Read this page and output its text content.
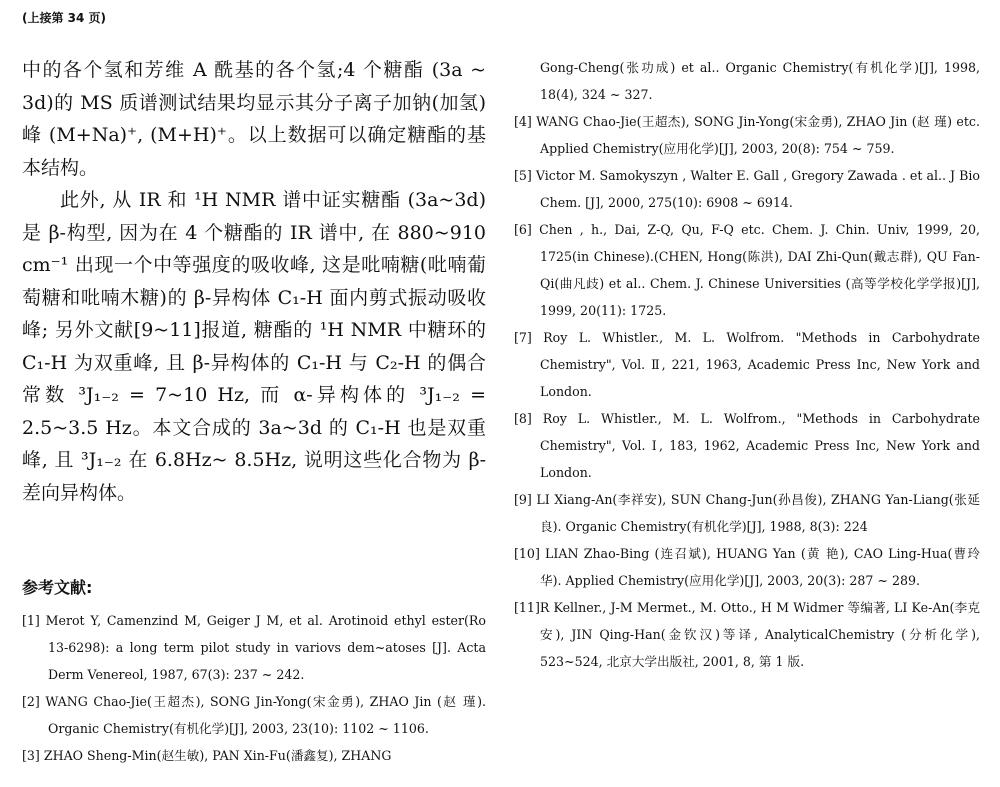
(上接第 34 页)

中的各个氢和芳维 A 酰基的各个氢;4 个糖酯 (3a ~ 3d)的 MS 质谱测试结果均显示其分子离子加钠(加氢)峰 (M+Na)⁺, (M+H)⁺。以上数据可以确定糖酯的基本结构。

此外, 从 IR 和 ¹H NMR 谱中证实糖酯 (3a~3d)是 β-构型, 因为在 4 个糖酯的 IR 谱中, 在 880~910 cm⁻¹ 出现一个中等强度的吸收峰, 这是吡喃糖(吡喃葡萄糖和吡喃木糖)的 β-异构体 C₁-H 面内剪式振动吸收峰; 另外文献[9~11]报道, 糖酯的 ¹H NMR 中糖环的 C₁-H 为双重峰, 且 β-异构体的 C₁-H 与 C₂-H 的偶合常数 ³J₁₋₂ = 7~10 Hz, 而 α-异构体的 ³J₁₋₂ = 2.5~3.5 Hz。本文合成的 3a~3d 的 C₁-H 也是双重峰, 且 ³J₁₋₂ 在 6.8Hz~ 8.5Hz, 说明这些化合物为 β-差向异构体。

参考文献:

[1] Merot Y, Camenzind M, Geiger J M, et al. Arotinoid ethyl ester(Ro 13-6298): a long term pilot study in variovs dem~atoses [J]. Acta Derm Venereol, 1987, 67(3): 237 ~ 242.

[2] WANG Chao-Jie(王超杰), SONG Jin-Yong(宋金勇), ZHAO Jin (赵 瑾). Organic Chemistry(有机化学)[J], 2003, 23(10): 1102 ~ 1106.

[3] ZHAO Sheng-Min(赵生敏), PAN Xin-Fu(潘鑫复), ZHANG

Gong-Cheng(张功成) et al.. Organic Chemistry(有机化学)[J], 1998, 18(4), 324 ~ 327.

[4] WANG Chao-Jie(王超杰), SONG Jin-Yong(宋金勇), ZHAO Jin (赵 瑾) etc. Applied Chemistry(应用化学)[J], 2003, 20(8): 754 ~ 759.

[5] Victor M. Samokyszyn , Walter E. Gall , Gregory Zawada . et al.. J Bio Chem. [J], 2000, 275(10): 6908 ~ 6914.

[6] Chen , h., Dai, Z-Q, Qu, F-Q etc. Chem. J. Chin. Univ, 1999, 20, 1725(in Chinese).(CHEN, Hong(陈洪), DAI Zhi-Qun(戴志群), QU Fan-Qi(曲凡歧) et al.. Chem. J. Chinese Universities (高等学校化学学报)[J], 1999, 20(11): 1725.

[7] Roy L. Whistler., M. L. Wolfrom. "Methods in Carbohydrate Chemistry", Vol. Ⅱ, 221, 1963, Academic Press Inc, New York and London.

[8] Roy L. Whistler., M. L. Wolfrom., "Methods in Carbohydrate Chemistry", Vol. Ⅰ, 183, 1962, Academic Press Inc, New York and London.

[9] LI Xiang-An(李祥安), SUN Chang-Jun(孙昌俊), ZHANG Yan-Liang(张延良). Organic Chemistry(有机化学)[J], 1988, 8(3): 224

[10] LIAN Zhao-Bing (连召斌), HUANG Yan (黄 艳), CAO Ling-Hua(曹玲华). Applied Chemistry(应用化学)[J], 2003, 20(3): 287 ~ 289.

[11]R Kellner., J-M Mermet., M. Otto., H M Widmer 等编著, LI Ke-An(李克安), JIN Qing-Han(金钦汉)等译, AnalyticalChemistry (分析化学), 523~524, 北京大学出版社, 2001, 8, 第 1 版.
